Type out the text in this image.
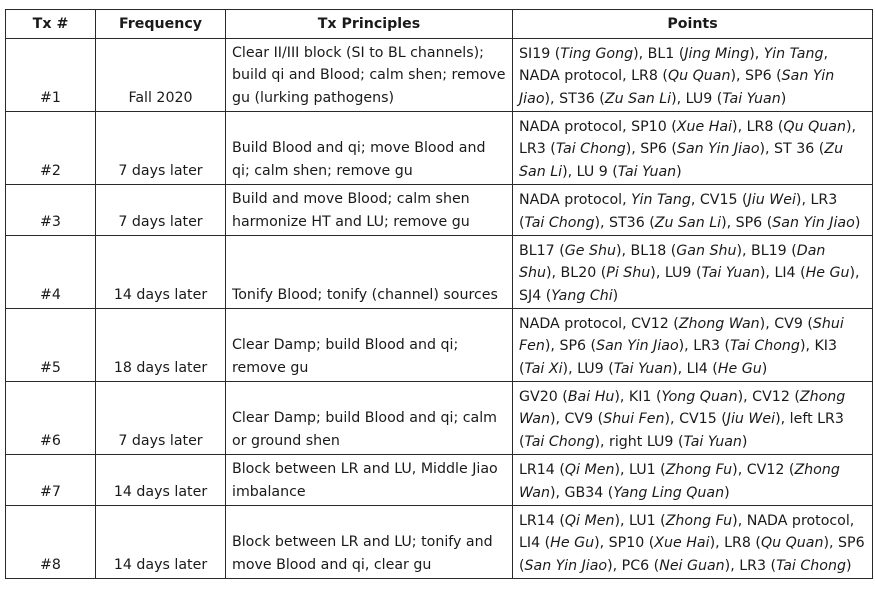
Tx #	Frequency	Tx Principles	Points
#1	Fall 2020	Clear II/III block (SI to BL channels); build qi and Blood; calm shen; remove gu (lurking pathogens)	SI19 (Ting Gong), BL1 (Jing Ming), Yin Tang, NADA protocol, LR8 (Qu Quan), SP6 (San Yin Jiao), ST36 (Zu San Li), LU9 (Tai Yuan)
#2	7 days later	Build Blood and qi; move Blood and qi; calm shen; remove gu	NADA protocol, SP10 (Xue Hai), LR8 (Qu Quan), LR3 (Tai Chong), SP6 (San Yin Jiao), ST 36 (Zu San Li), LU 9 (Tai Yuan)
#3	7 days later	Build and move Blood; calm shen harmonize HT and LU; remove gu	NADA protocol, Yin Tang, CV15 (Jiu Wei), LR3 (Tai Chong), ST36 (Zu San Li), SP6 (San Yin Jiao)
#4	14 days later	Tonify Blood; tonify (channel) sources	BL17 (Ge Shu), BL18 (Gan Shu), BL19 (Dan Shu), BL20 (Pi Shu), LU9 (Tai Yuan), LI4 (He Gu), SJ4 (Yang Chi)
#5	18 days later	Clear Damp; build Blood and qi; remove gu	NADA protocol, CV12 (Zhong Wan), CV9 (Shui Fen), SP6 (San Yin Jiao), LR3 (Tai Chong), KI3 (Tai Xi), LU9 (Tai Yuan), LI4 (He Gu)
#6	7 days later	Clear Damp; build Blood and qi; calm or ground shen	GV20 (Bai Hu), KI1 (Yong Quan), CV12 (Zhong Wan), CV9 (Shui Fen), CV15 (Jiu Wei), left LR3 (Tai Chong), right LU9 (Tai Yuan)
#7	14 days later	Block between LR and LU, Middle Jiao imbalance	LR14 (Qi Men), LU1 (Zhong Fu), CV12 (Zhong Wan), GB34 (Yang Ling Quan)
#8	14 days later	Block between LR and LU; tonify and move Blood and qi, clear gu	LR14 (Qi Men), LU1 (Zhong Fu), NADA protocol, LI4 (He Gu), SP10 (Xue Hai), LR8 (Qu Quan), SP6 (San Yin Jiao), PC6 (Nei Guan), LR3 (Tai Chong)
